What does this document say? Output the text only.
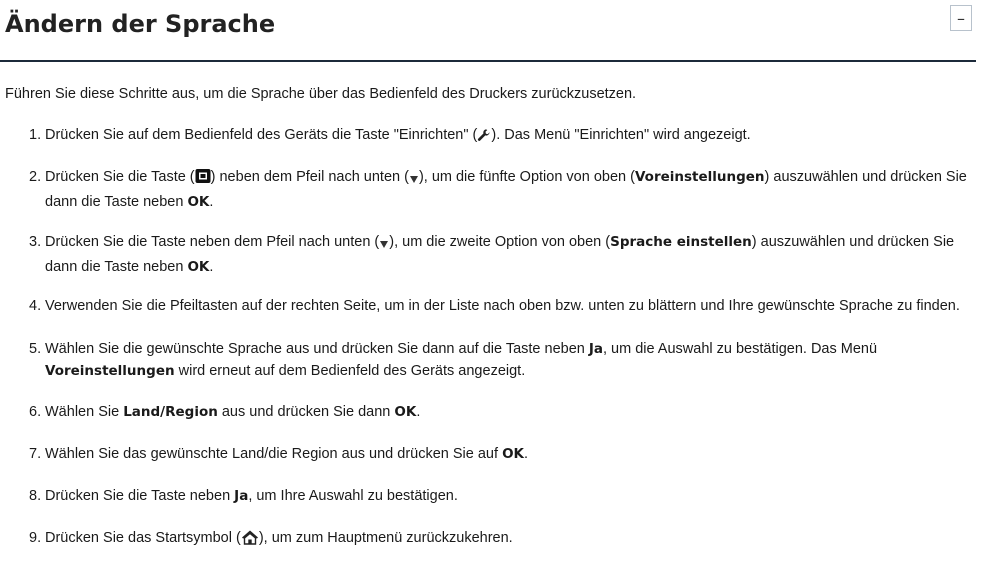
Ändern der Sprache	–

Führen Sie diese Schritte aus, um die Sprache über das Bedienfeld des Druckers zurückzusetzen.

1. Drücken Sie auf dem Bedienfeld des Geräts die Taste "Einrichten" ( ). Das Menü "Einrichten" wird angezeigt.
2. Drücken Sie die Taste ( ) neben dem Pfeil nach unten ( ), um die fünfte Option von oben (Voreinstellungen) auszuwählen und drücken Sie
dann die Taste neben OK.
3. Drücken Sie die Taste neben dem Pfeil nach unten ( ), um die zweite Option von oben (Sprache einstellen) auszuwählen und drücken Sie
dann die Taste neben OK.
4. Verwenden Sie die Pfeiltasten auf der rechten Seite, um in der Liste nach oben bzw. unten zu blättern und Ihre gewünschte Sprache zu finden.
5. Wählen Sie die gewünschte Sprache aus und drücken Sie dann auf die Taste neben Ja, um die Auswahl zu bestätigen. Das Menü
Voreinstellungen wird erneut auf dem Bedienfeld des Geräts angezeigt.
6. Wählen Sie Land/Region aus und drücken Sie dann OK.
7. Wählen Sie das gewünschte Land/die Region aus und drücken Sie auf OK.
8. Drücken Sie die Taste neben Ja, um Ihre Auswahl zu bestätigen.
9. Drücken Sie das Startsymbol ( ), um zum Hauptmenü zurückzukehren.
